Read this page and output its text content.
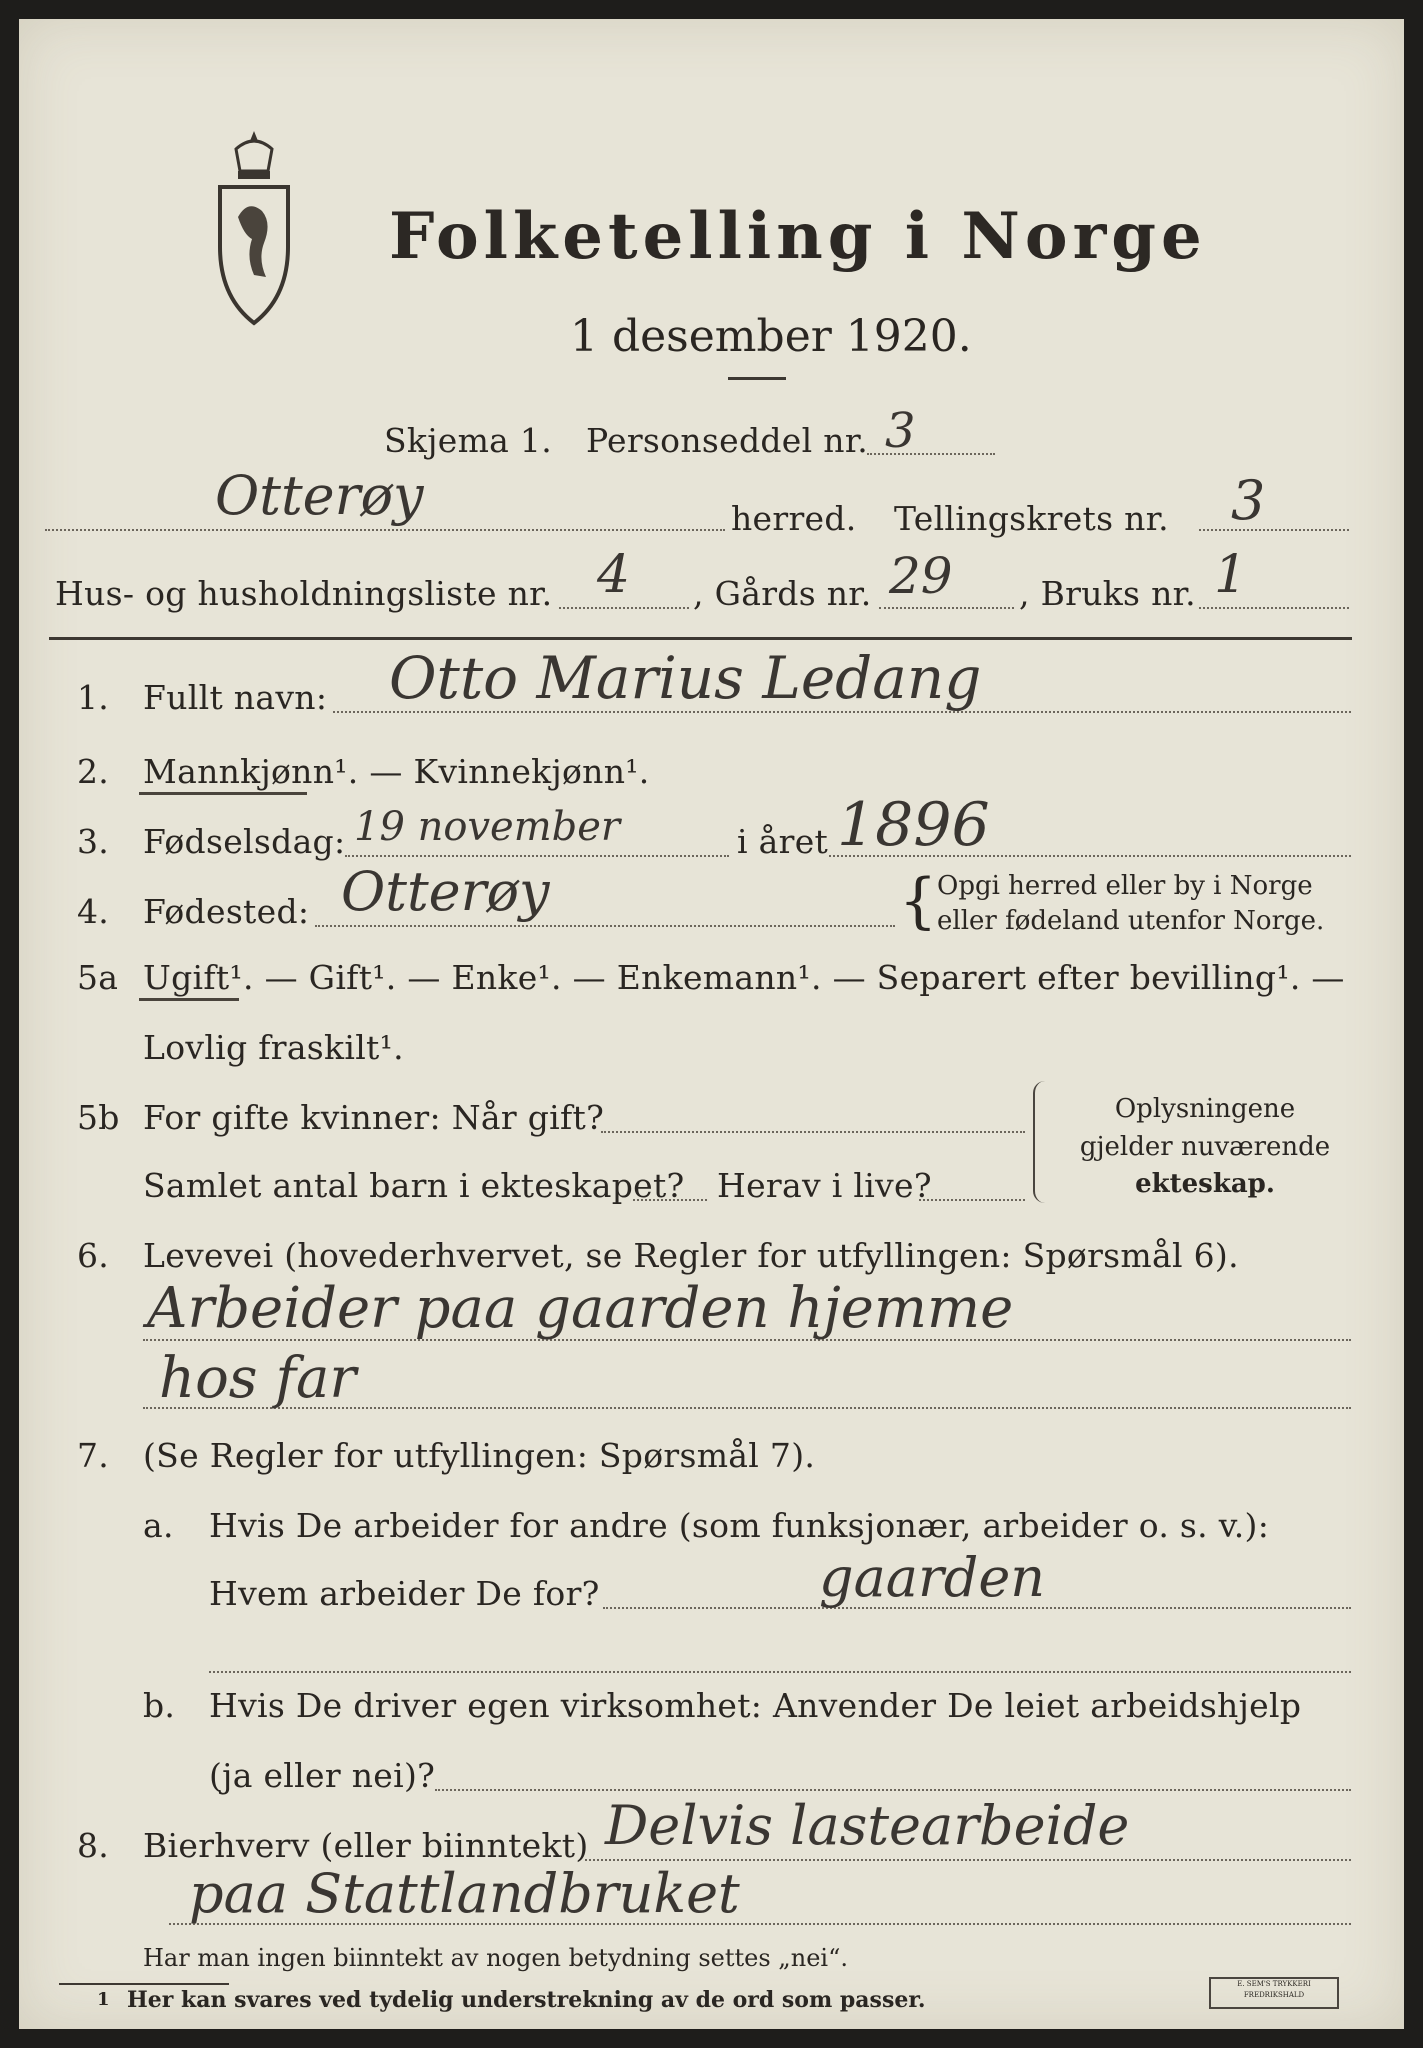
Folketelling i Norge
1 desember 1920.
Skjema 1. Personseddel nr. 3
Otterøy	herred. Tellingskrets nr. 3
Hus- og husholdningsliste nr. 4 , Gårds nr. 29 , Bruks nr. 1
1. Fullt navn: Otto Marius Ledang
2. Mannkjønn¹. — Kvinnekjønn¹.
3. Fødselsdag: 19 november	i året 1896
4. Fødested: Otterøy	{ Opgi herred eller by i Norge
eller fødeland utenfor Norge.
5a Ugift¹. — Gift¹. — Enke¹. — Enkemann¹. — Separert efter bevilling¹. —
Lovlig fraskilt¹.
5b For gifte kvinner: Når gift?
Samlet antal barn i ekteskapet? Herav i live?
Oplysningene
gjelder nuværende
ekteskap.
6. Levevei (hovederhvervet, se Regler for utfyllingen: Spørsmål 6).
Arbeider paa gaarden hjemme
hos far
7. (Se Regler for utfyllingen: Spørsmål 7).
a. Hvis De arbeider for andre (som funksjonær, arbeider o. s. v.):
Hvem arbeider De for?	gaarden
b. Hvis De driver egen virksomhet: Anvender De leiet arbeidshjelp
(ja eller nei)?
8. Bierhverv (eller biinntekt) Delvis lastearbeide
paa Stattlandbruket
Har man ingen biinntekt av nogen betydning settes „nei“.
1 Her kan svares ved tydelig understrekning av de ord som passer.
E. SEM'S TRYKKERI
FREDRIKSHALD
